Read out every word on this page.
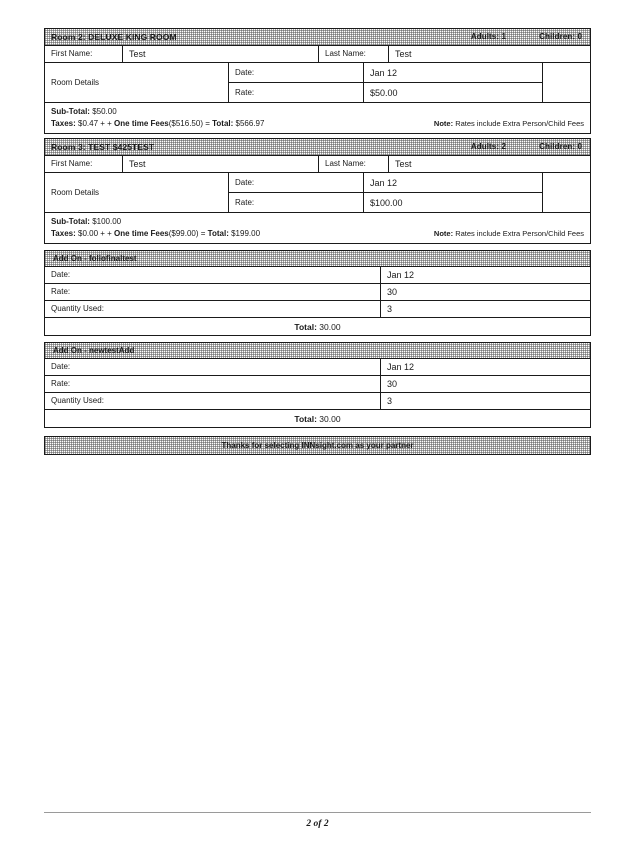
Room 2: DELUXE KING ROOM	Adults: 1	Children: 0
First Name:	Test	Last Name:	Test
Room Details
Date:	Jan 12
Rate:	$50.00
Sub-Total: $50.00
Taxes: $0.47 + + One time Fees($516.50) = Total: $566.97	Note: Rates include Extra Person/Child Fees
Room 3: TEST $425TEST	Adults: 2	Children: 0
First Name:	Test	Last Name:	Test
Room Details
Date:	Jan 12
Rate:	$100.00
Sub-Total: $100.00
Taxes: $0.00 + + One time Fees($99.00) = Total: $199.00	Note: Rates include Extra Person/Child Fees
Add On - foliofinaltest
Date:	Jan 12
Rate:	30
Quantity Used:	3
Total:
30.00
Add On - newtestAdd
Date:	Jan 12
Rate:	30
Quantity Used:	3
Total:
30.00
Thanks for selecting INNsight.com as your partner
2 of 2
